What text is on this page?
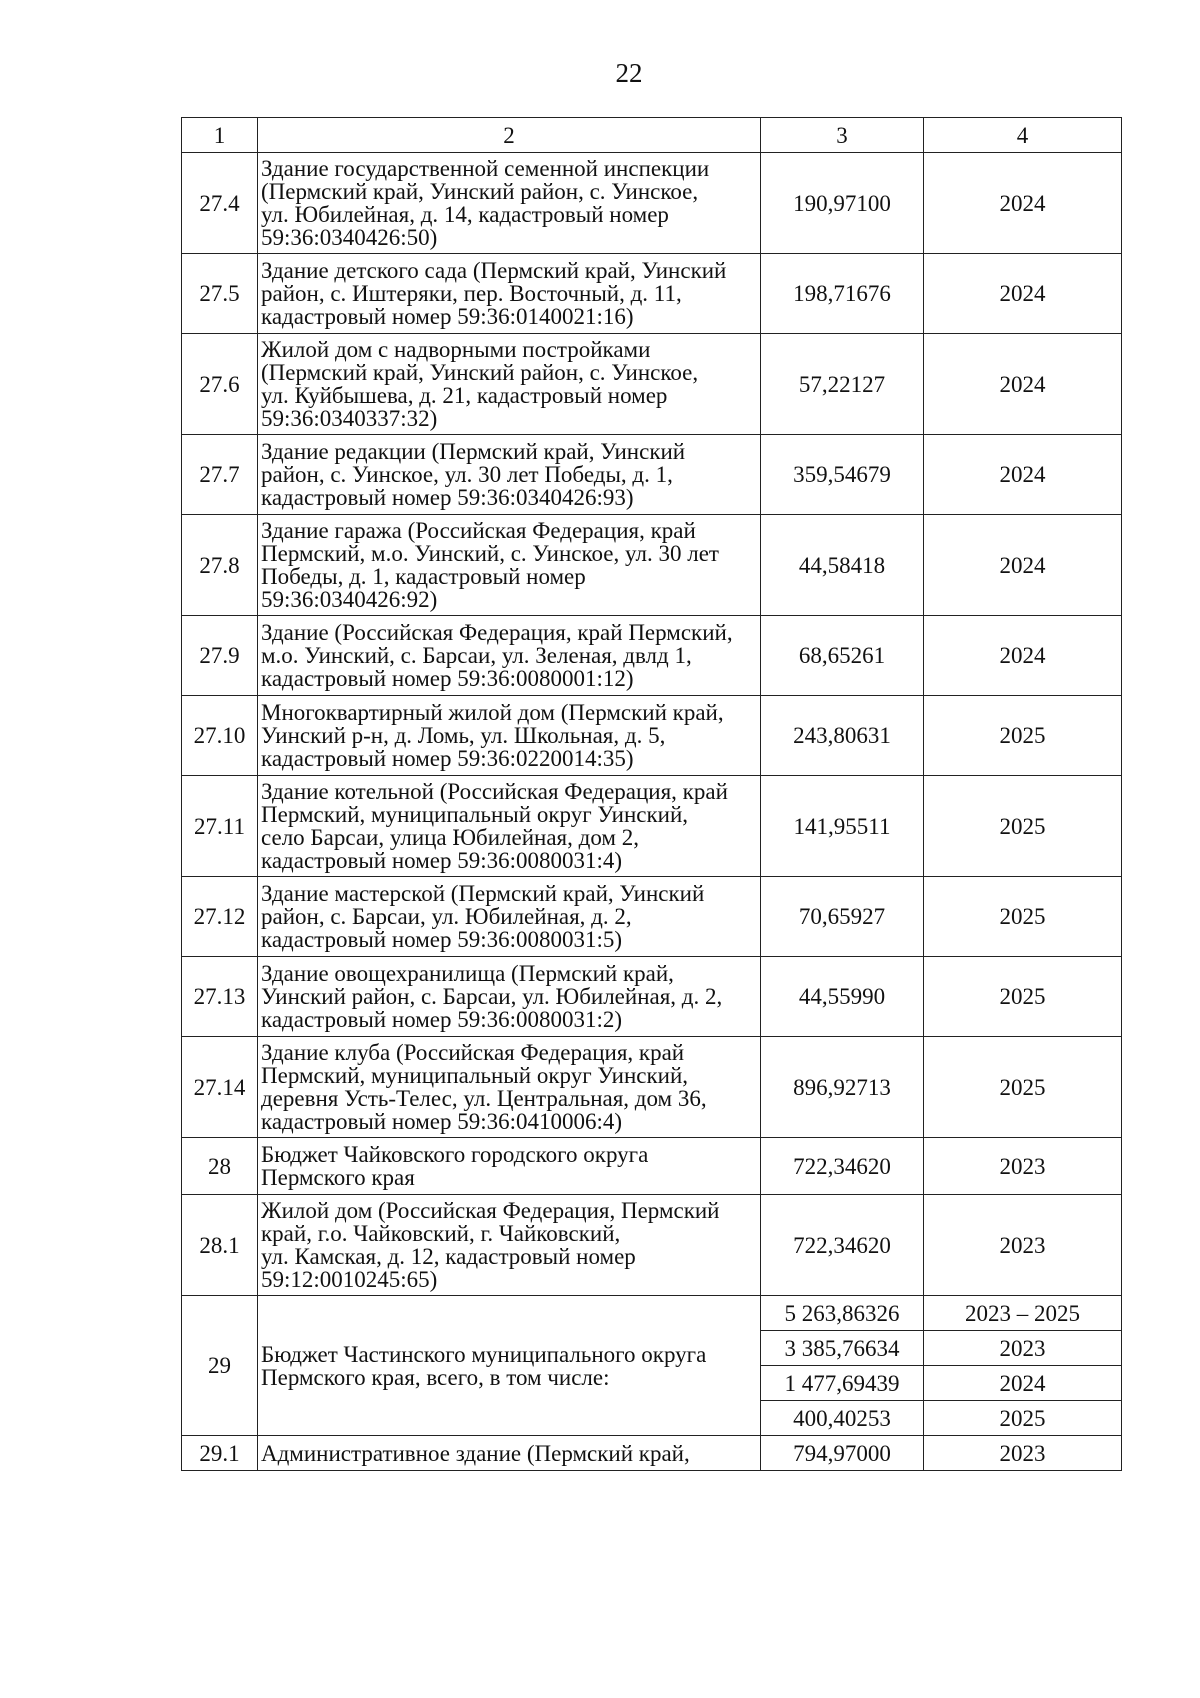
22
1	2	3	4
27.4	Здание государственной семенной инспекции
(Пермский край, Уинский район, с. Уинское,
ул. Юбилейная, д. 14, кадастровый номер
59:36:0340426:50)	190,97100	2024
27.5	Здание детского сада (Пермский край, Уинский
район, с. Иштеряки, пер. Восточный, д. 11,
кадастровый номер 59:36:0140021:16)	198,71676	2024
27.6	Жилой дом с надворными постройками
(Пермский край, Уинский район, с. Уинское,
ул. Куйбышева, д. 21, кадастровый номер
59:36:0340337:32)	57,22127	2024
27.7	Здание редакции (Пермский край, Уинский
район, с. Уинское, ул. 30 лет Победы, д. 1,
кадастровый номер 59:36:0340426:93)	359,54679	2024
27.8	Здание гаража (Российская Федерация, край
Пермский, м.о. Уинский, с. Уинское, ул. 30 лет
Победы, д. 1, кадастровый номер
59:36:0340426:92)	44,58418	2024
27.9	Здание (Российская Федерация, край Пермский,
м.о. Уинский, с. Барсаи, ул. Зеленая, двлд 1,
кадастровый номер 59:36:0080001:12)	68,65261	2024
27.10	Многоквартирный жилой дом (Пермский край,
Уинский р-н, д. Ломь, ул. Школьная, д. 5,
кадастровый номер 59:36:0220014:35)	243,80631	2025
27.11	Здание котельной (Российская Федерация, край
Пермский, муниципальный округ Уинский,
село Барсаи, улица Юбилейная, дом 2,
кадастровый номер 59:36:0080031:4)	141,95511	2025
27.12	Здание мастерской (Пермский край, Уинский
район, с. Барсаи, ул. Юбилейная, д. 2,
кадастровый номер 59:36:0080031:5)	70,65927	2025
27.13	Здание овощехранилища (Пермский край,
Уинский район, с. Барсаи, ул. Юбилейная, д. 2,
кадастровый номер 59:36:0080031:2)	44,55990	2025
27.14	Здание клуба (Российская Федерация, край
Пермский, муниципальный округ Уинский,
деревня Усть-Телес, ул. Центральная, дом 36,
кадастровый номер 59:36:0410006:4)	896,92713	2025
28	Бюджет Чайковского городского округа
Пермского края	722,34620	2023
28.1	Жилой дом (Российская Федерация, Пермский
край, г.о. Чайковский, г. Чайковский,
ул. Камская, д. 12, кадастровый номер
59:12:0010245:65)	722,34620	2023
29	Бюджет Частинского муниципального округа
Пермского края, всего, в том числе:	5 263,86326	2023 – 2025
		3 385,76634	2023
		1 477,69439	2024
		400,40253	2025
29.1	Административное здание (Пермский край,	794,97000	2023
